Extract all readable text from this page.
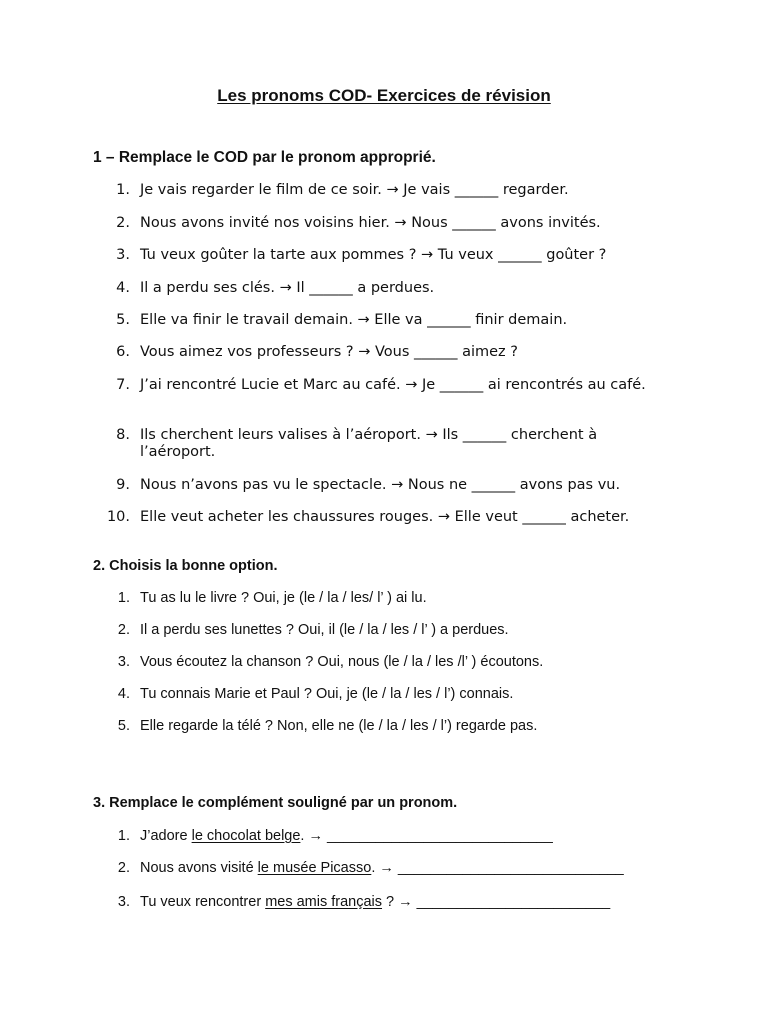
Les pronoms COD- Exercices de révision
1 – Remplace le COD par le pronom approprié.
1. Je vais regarder le film de ce soir. → Je vais ______ regarder.
2. Nous avons invité nos voisins hier. → Nous ______ avons invités.
3. Tu veux goûter la tarte aux pommes ? → Tu veux ______ goûter ?
4. Il a perdu ses clés. → Il ______ a perdues.
5. Elle va finir le travail demain. → Elle va ______ finir demain.
6. Vous aimez vos professeurs ? → Vous ______ aimez ?
7. J’ai rencontré Lucie et Marc au café. → Je ______ ai rencontrés au café.
8. Ils cherchent leurs valises à l’aéroport. → Ils ______ cherchent à l’aéroport.
9. Nous n’avons pas vu le spectacle. → Nous ne ______ avons pas vu.
10. Elle veut acheter les chaussures rouges. → Elle veut ______ acheter.
2. Choisis la bonne option.
1. Tu as lu le livre ? Oui, je (le / la / les/ l’ ) ai lu.
2. Il a perdu ses lunettes ? Oui, il (le / la / les / l’ ) a perdues.
3. Vous écoutez la chanson ? Oui, nous (le / la / les /l’ ) écoutons.
4. Tu connais Marie et Paul ? Oui, je (le / la / les / l’) connais.
5. Elle regarde la télé ? Non, elle ne (le / la / les / l’) regarde pas.
3. Remplace le complément souligné par un pronom.
1. J’adore le chocolat belge. → ____________________________
2. Nous avons visité le musée Picasso. → ____________________________
3. Tu veux rencontrer mes amis français ? → ________________________
